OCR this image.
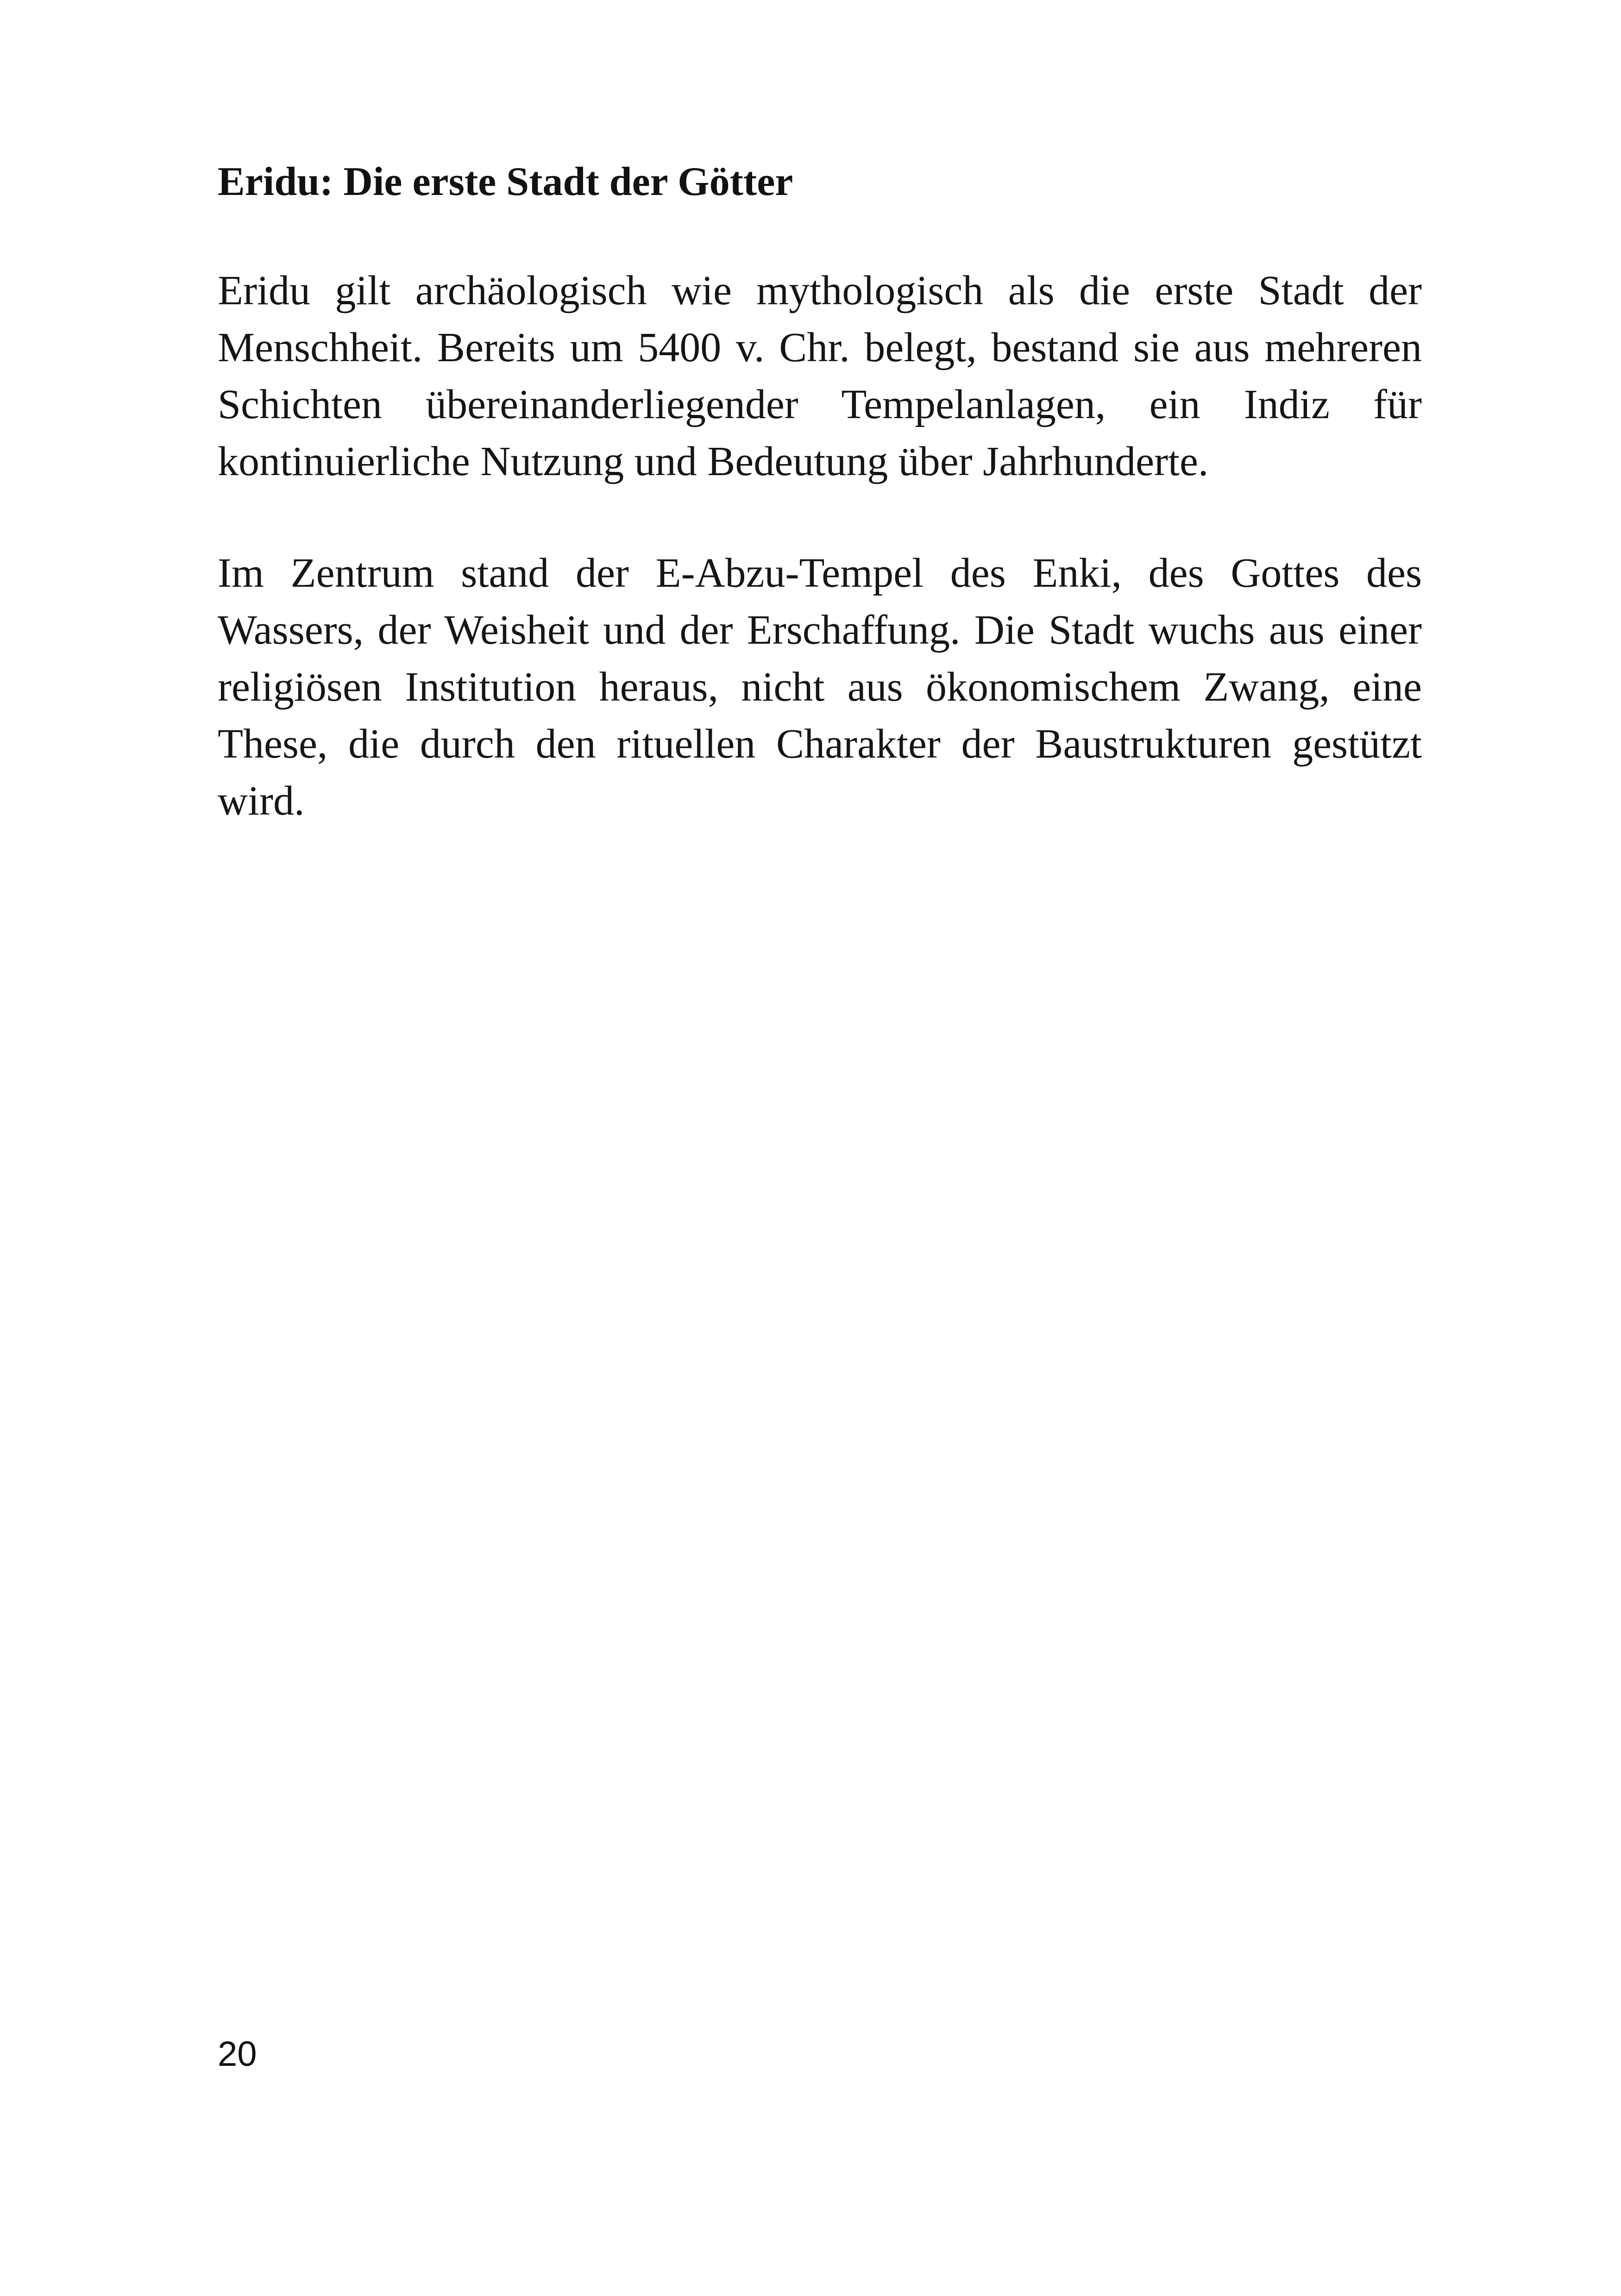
Eridu: Die erste Stadt der Götter

Eridu gilt archäologisch wie mythologisch als die erste Stadt der Menschheit. Bereits um 5400 v. Chr. belegt, bestand sie aus mehreren Schichten übereinanderliegender Tempelanlagen, ein Indiz für kontinuierliche Nutzung und Bedeutung über Jahrhunderte.

Im Zentrum stand der E-Abzu-Tempel des Enki, des Gottes des Wassers, der Weisheit und der Erschaffung. Die Stadt wuchs aus einer religiösen Institution heraus, nicht aus ökonomischem Zwang, eine These, die durch den rituellen Charakter der Baustrukturen gestützt wird.

20
